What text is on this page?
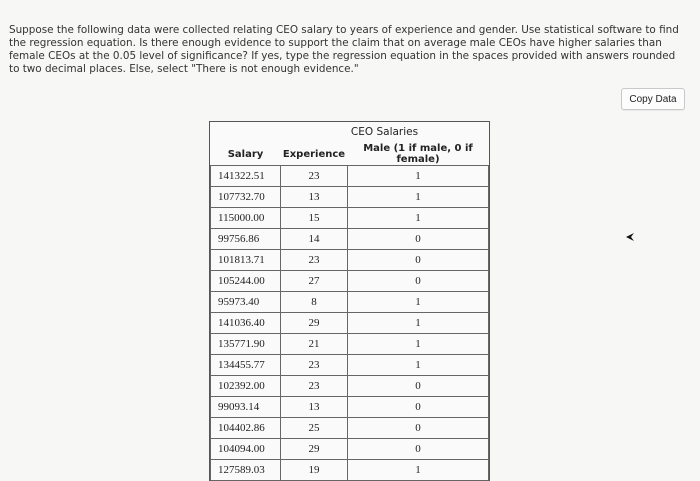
Suppose the following data were collected relating CEO salary to years of experience and gender. Use statistical software to find the regression equation. Is there enough evidence to support the claim that on average male CEOs have higher salaries than female CEOs at the 0.05 level of significance? If yes, type the regression equation in the spaces provided with answers rounded to two decimal places. Else, select "There is not enough evidence."

Copy Data
CEO Salaries
Salary	Experience	Male (1 if male, 0 if female)
141322.51	23	1
107732.70	13	1
115000.00	15	1
99756.86	14	0
101813.71	23	0
105244.00	27	0
95973.40	8	1
141036.40	29	1
135771.90	21	1
134455.77	23	1
102392.00	23	0
99093.14	13	0
104402.86	25	0
104094.00	29	0
127589.03	19	1
